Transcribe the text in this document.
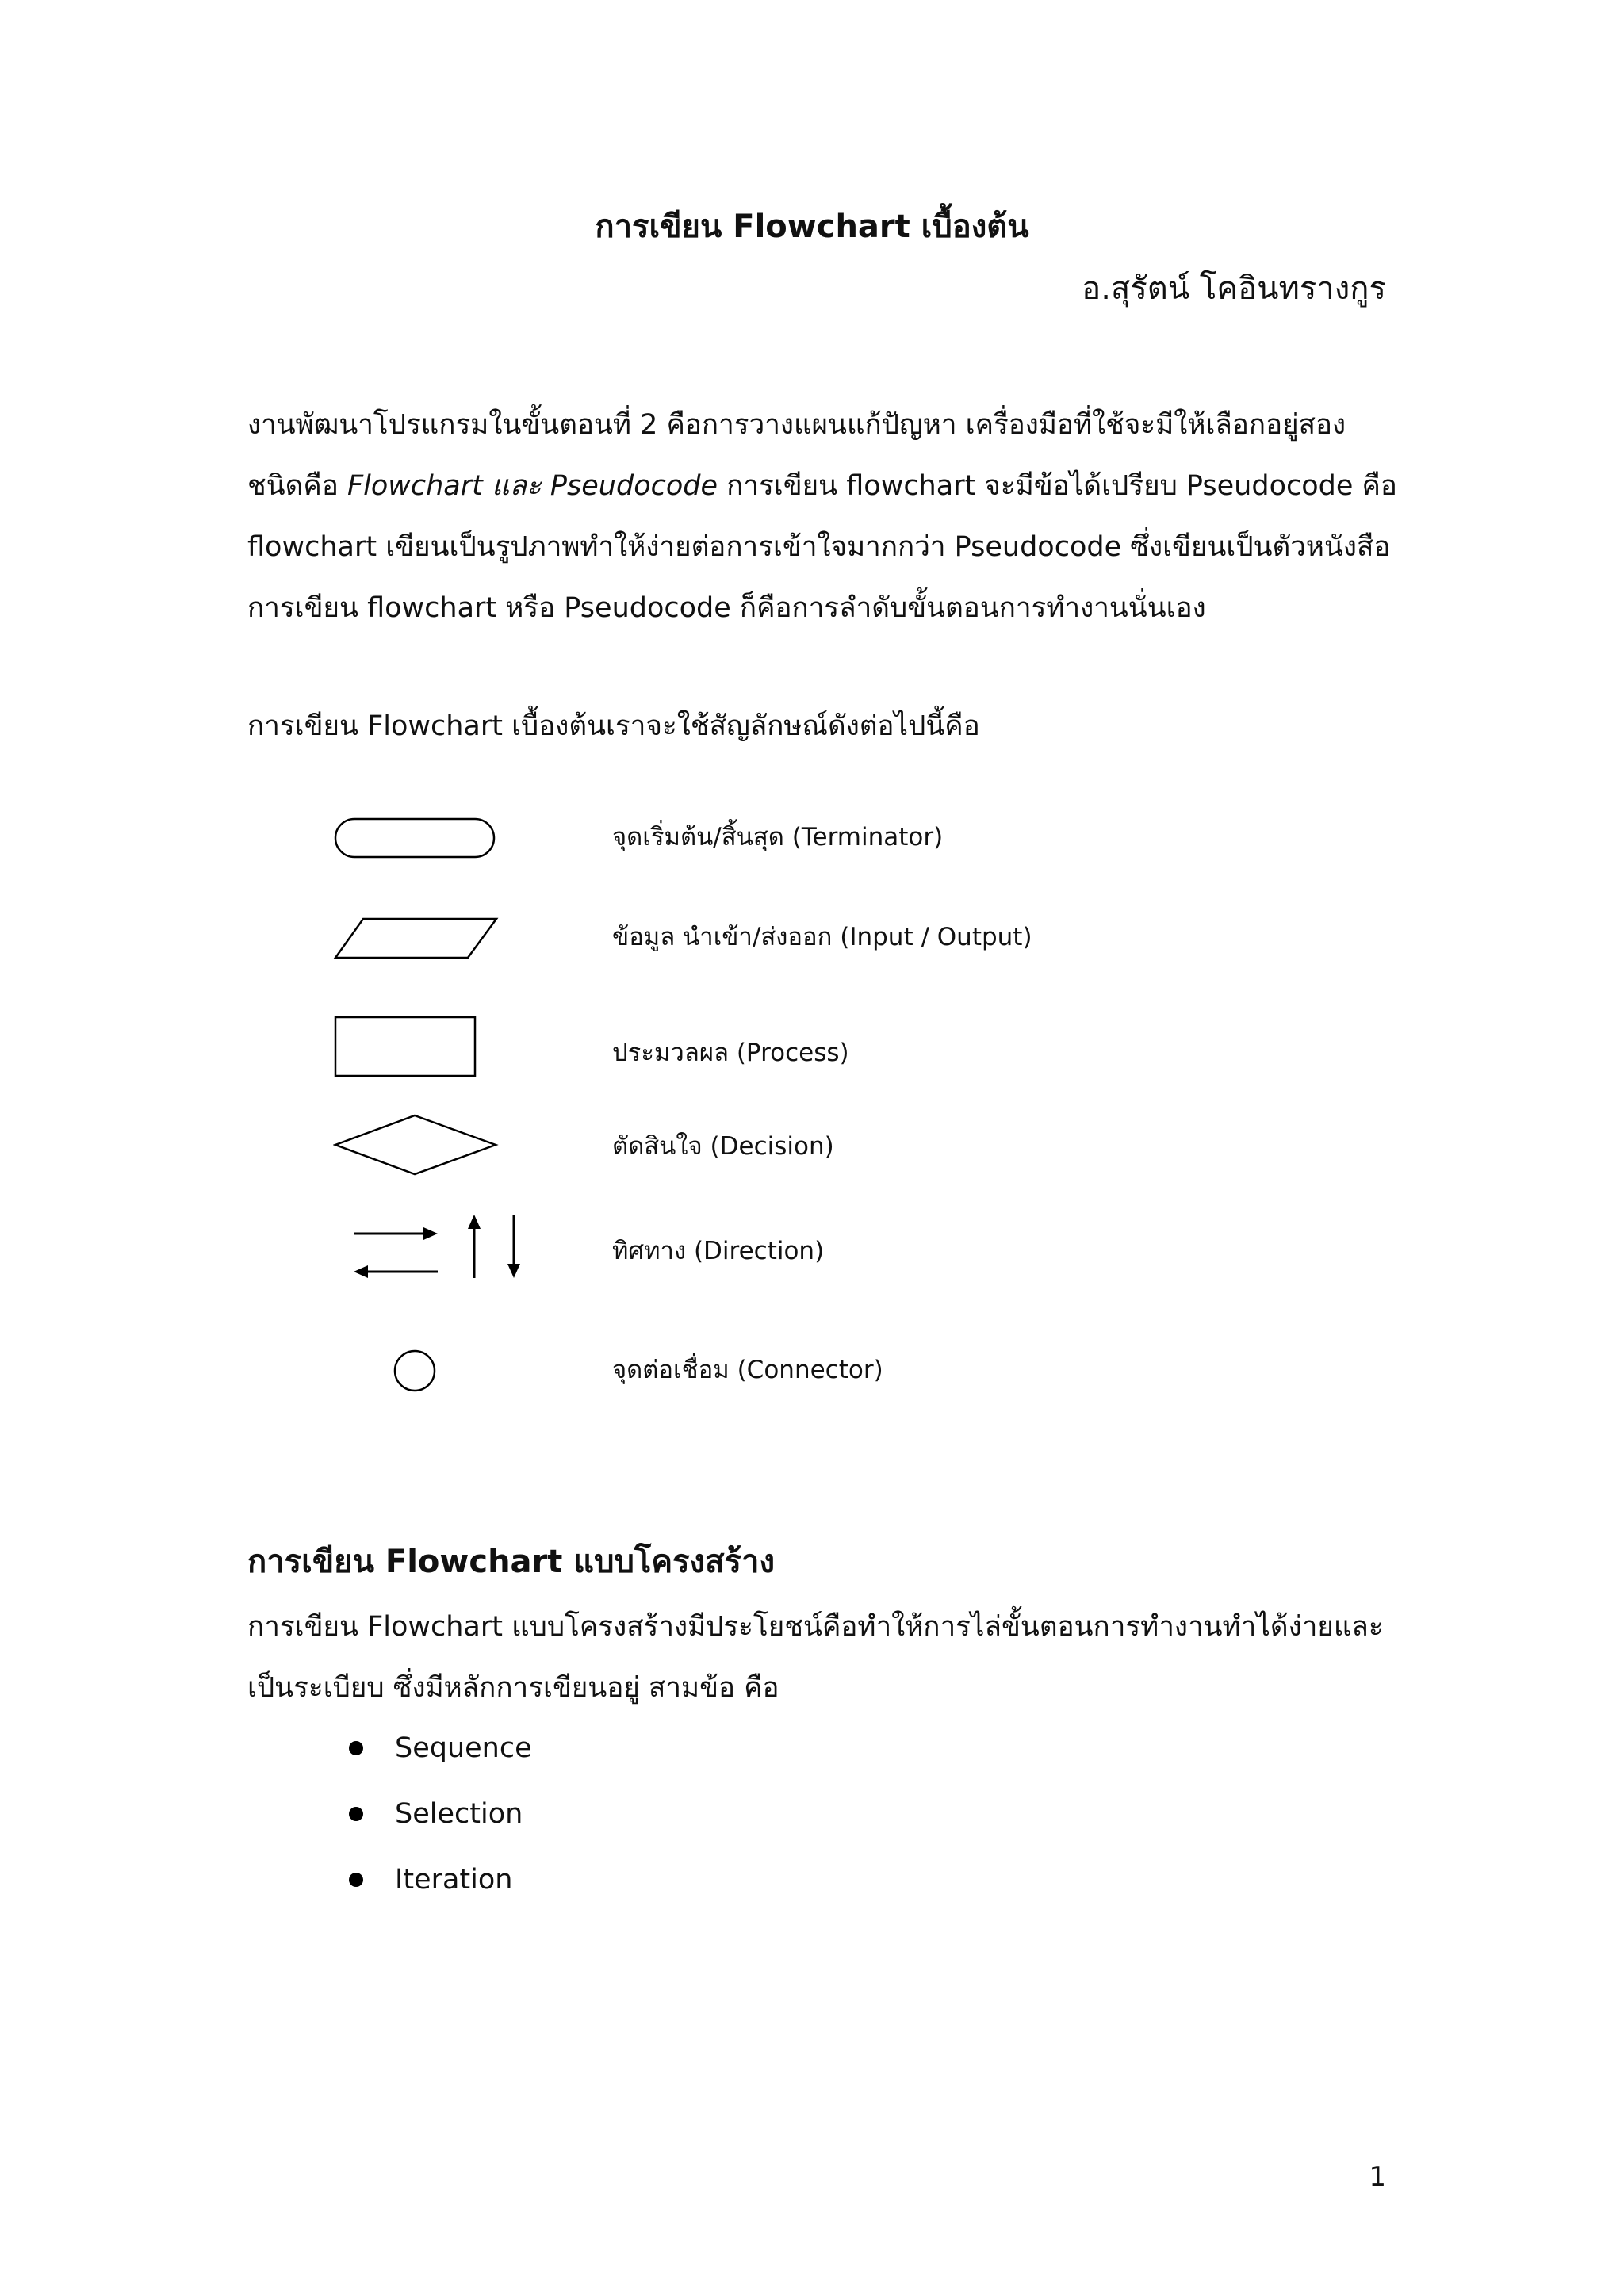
การเขียน Flowchart เบื้องต้น
อ.สุรัตน์ โคอินทรางกูร

งานพัฒนาโปรแกรมในขั้นตอนที่ 2 คือการวางแผนแก้ปัญหา เครื่องมือที่ใช้จะมีให้เลือกอยู่สอง

ชนิดคือ Flowchart และ Pseudocode การเขียน flowchart จะมีข้อได้เปรียบ Pseudocode คือ

flowchart เขียนเป็นรูปภาพทำให้ง่ายต่อการเข้าใจมากกว่า Pseudocode ซึ่งเขียนเป็นตัวหนังสือ

การเขียน flowchart หรือ Pseudocode ก็คือการลำดับขั้นตอนการทำงานนั่นเอง

การเขียน Flowchart เบื้องต้นเราจะใช้สัญลักษณ์ดังต่อไปนี้คือ
จุดเริ่มต้น/สิ้นสุด (Terminator)
ข้อมูล นำเข้า/ส่งออก (Input / Output)
ประมวลผล (Process)
ตัดสินใจ (Decision)
ทิศทาง (Direction)
จุดต่อเชื่อม (Connector)
การเขียน Flowchart แบบโครงสร้าง

การเขียน Flowchart แบบโครงสร้างมีประโยชน์คือทำให้การไล่ขั้นตอนการทำงานทำได้ง่ายและ

เป็นระเบียบ ซึ่งมีหลักการเขียนอยู่ สามข้อ คือ

Sequence
Selection
Iteration
1
